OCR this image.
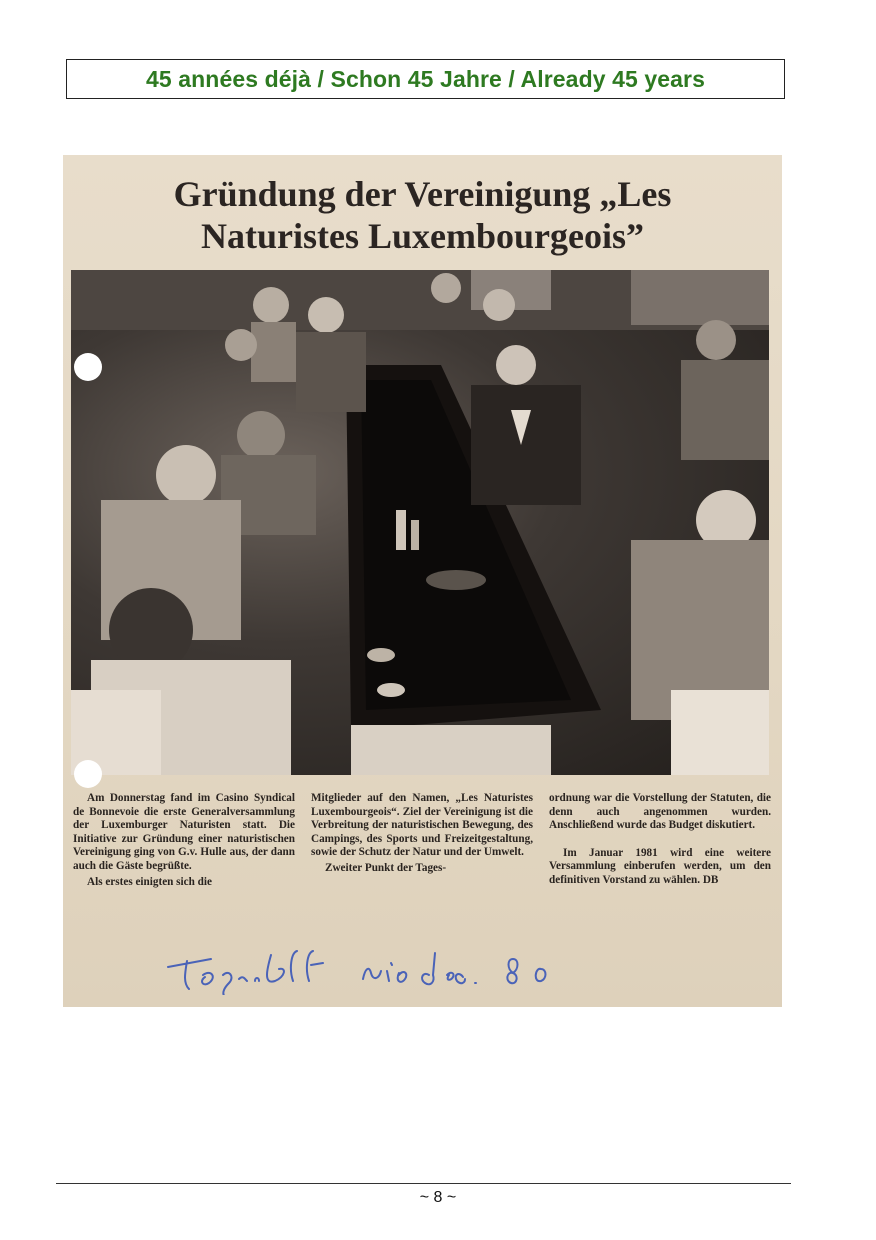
45 années déjà / Schon 45 Jahre / Already 45 years
Gründung der Vereinigung „Les
Naturistes Luxembourgeois”

Am Donnerstag fand im Casino Syndical de Bonnevoie die erste Generalversammlung der Luxemburger Naturisten statt. Die Initiative zur Gründung einer naturistischen Vereinigung ging von G.v. Hulle aus, der dann auch die Gäste begrüßte.

Als erstes einigten sich die

Mitglieder auf den Namen, „Les Naturistes Luxembourgeois“. Ziel der Vereinigung ist die Verbreitung der naturistischen Bewegung, des Campings, des Sports und Freizeitgestaltung, sowie der Schutz der Natur und der Umwelt.

Zweiter Punkt der Tages-

ordnung war die Vorstellung der Statuten, die denn auch angenommen wurden. Anschließend wurde das Budget diskutiert.

Im Januar 1981 wird eine weitere Versammlung einberufen werden, um den definitiven Vorstand zu wählen. DB

~ 8 ~
